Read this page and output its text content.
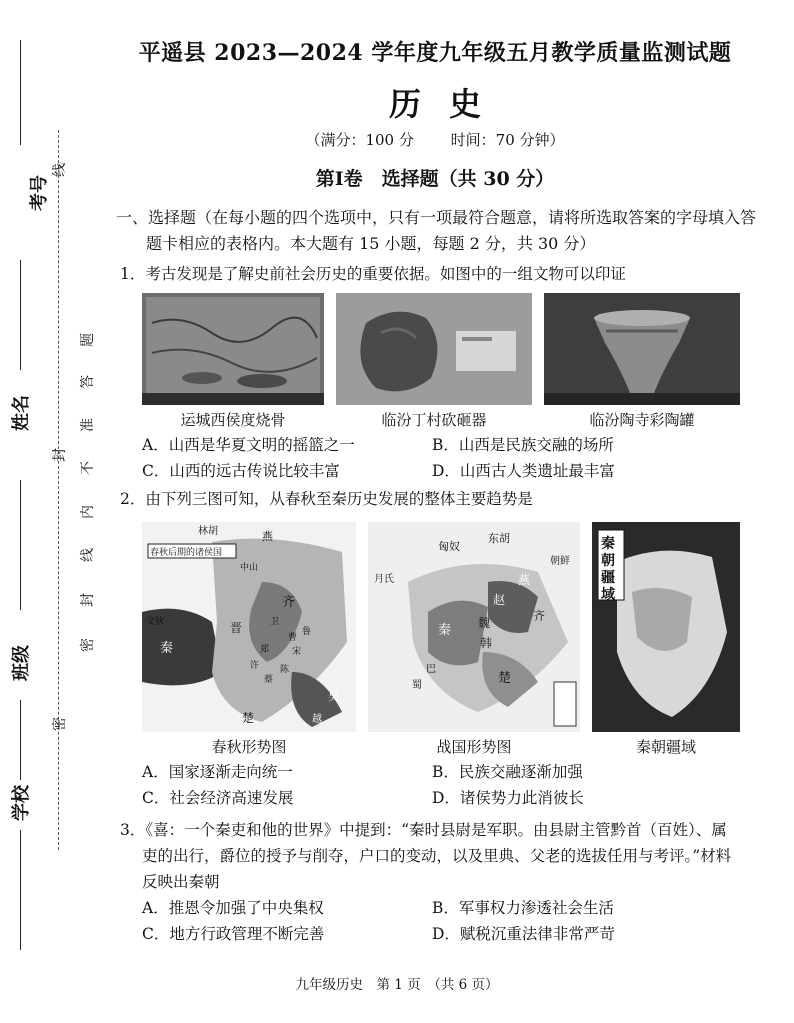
考号
姓名
班级
学校
线
封
密
题
答
准
不
内
线
封
密
平遥县 2023—2024 学年度九年级五月教学质量监测试题
历史
（满分：100 分 时间：70 分钟）
第Ⅰ卷　选择题（共 30 分）
一、选择题（在每小题的四个选项中，只有一项最符合题意，请将所选取答案的字母填入答
题卡相应的表格内。本大题有 15 小题，每题 2 分，共 30 分）
1．考古发现是了解史前社会历史的重要依据。如图中的一组文物可以印证
运城西侯度烧骨	临汾丁村砍砸器	临汾陶寺彩陶罐
A．山西是华夏文明的摇篮之一	B．山西是民族交融的场所
C．山西的远古传说比较丰富	D．山西古人类遗址最丰富
2．由下列三图可知，从春秋至秦历史发展的整体主要趋势是
春秋后期的诸侯国
林胡	燕
中山
齐
晋
秦
楚
吴
越
鲁
宋
郑
卫
陈
蔡
曹
许
文狄
春秋形势图
东胡
匈奴
燕
赵
魏
韩
秦
楚
齐
朝鲜
月氏
巴
蜀
战国形势图
秦
朝
疆
域
秦朝疆域
A．国家逐渐走向统一	B．民族交融逐渐加强
C．社会经济高速发展	D．诸侯势力此消彼长
3．《喜：一个秦吏和他的世界》中提到：“秦时县尉是军职。由县尉主管黔首（百姓）、属
吏的出行，爵位的授予与削夺，户口的变动，以及里典、父老的选拔任用与考评。”材料
反映出秦朝
A．推恩令加强了中央集权	B．军事权力渗透社会生活
C．地方行政管理不断完善	D．赋税沉重法律非常严苛
九年级历史　第 1 页　（共 6 页）
